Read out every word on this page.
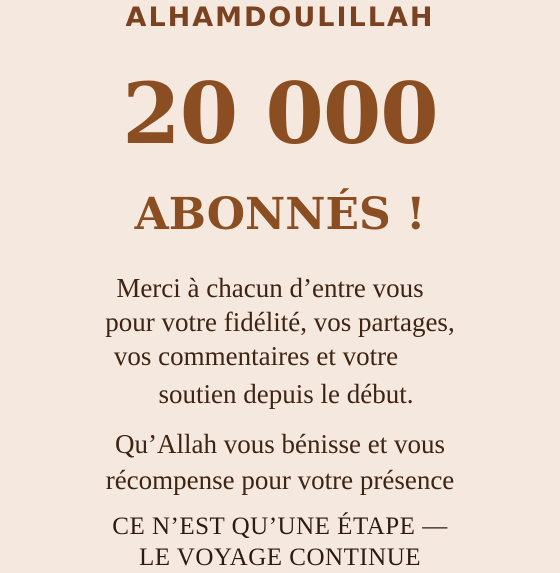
ALHAMDOULILLAH

20 000

ABONNÉS !

Merci à chacun d’entre vous

pour votre fidélité, vos partages,

vos commentaires et votre

soutien depuis le début.

Qu’Allah vous bénisse et vous

récompense pour votre présence

CE N’EST QU’UNE ÉTAPE —

LE VOYAGE CONTINUE
